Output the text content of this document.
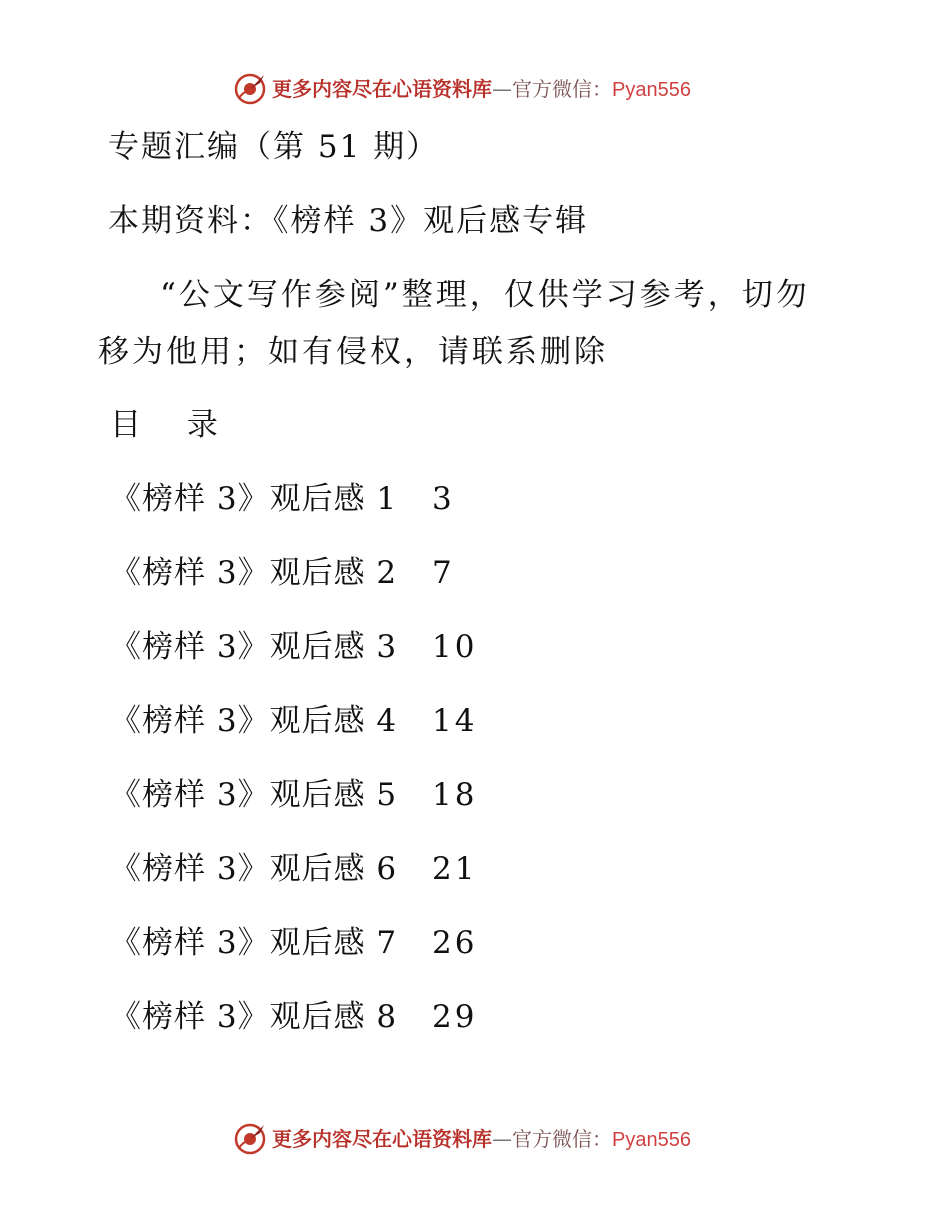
更多内容尽在心语资料库—官方微信：Pyan556
专题汇编（第 51 期）
本期资料：《榜样 3》观后感专辑
“公文写作参阅”整理，仅供学习参考，切勿移为他用；如有侵权，请联系删除
目 录
《榜样 3》观后感 1 3
《榜样 3》观后感 2 7
《榜样 3》观后感 3 10
《榜样 3》观后感 4 14
《榜样 3》观后感 5 18
《榜样 3》观后感 6 21
《榜样 3》观后感 7 26
《榜样 3》观后感 8 29
更多内容尽在心语资料库—官方微信：Pyan556
